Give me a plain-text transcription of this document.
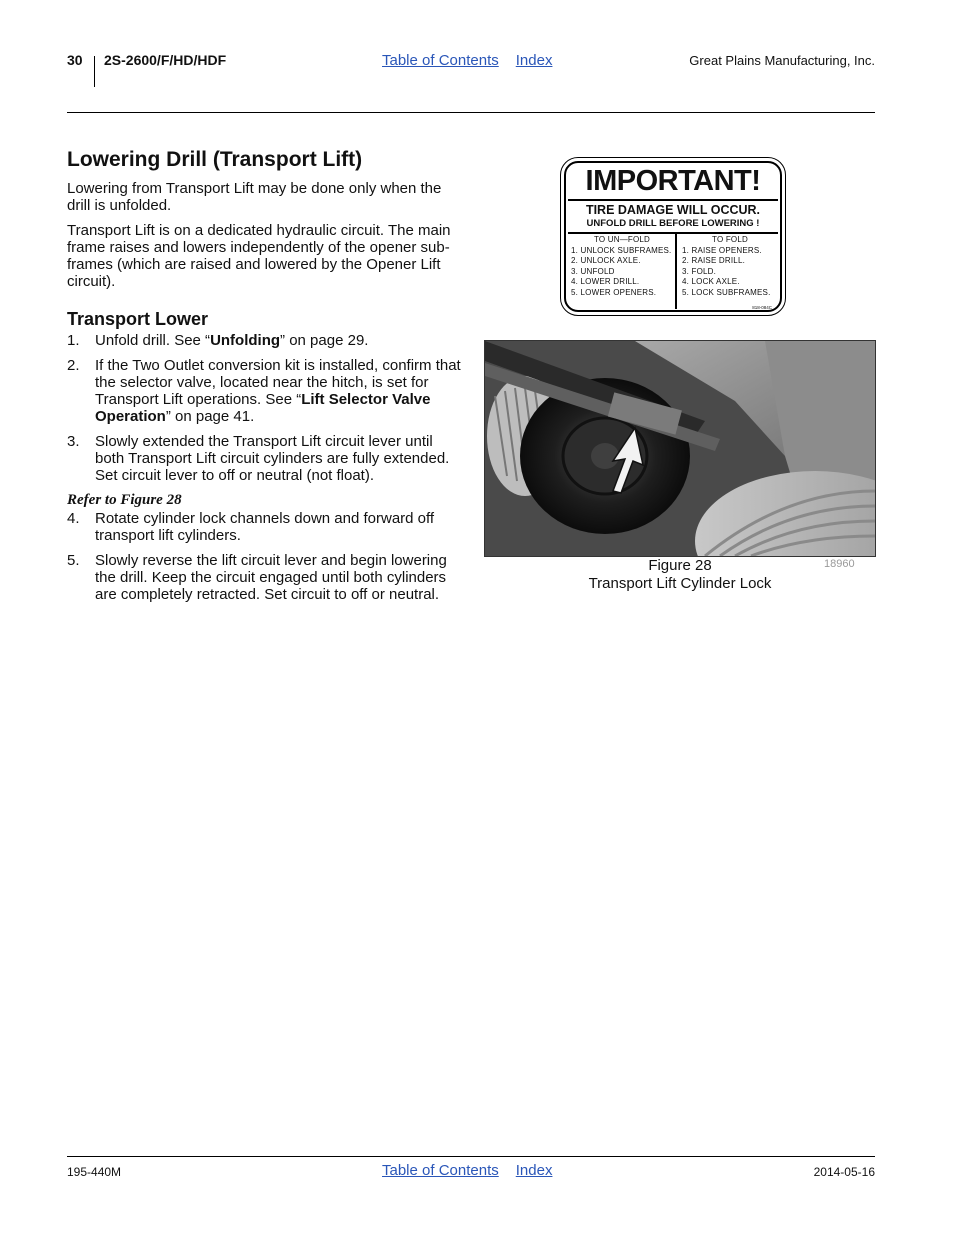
30 2S-2600/F/HD/HDF	Table of Contents Index	Great Plains Manufacturing, Inc.
Lowering Drill (Transport Lift)

Lowering from Transport Lift may be done only when the drill is unfolded.

Transport Lift is on a dedicated hydraulic circuit. The main frame raises and lowers independently of the opener sub-frames (which are raised and lowered by the Opener Lift circuit).

Transport Lower
1. Unfold drill. See “Unfolding” on page 29.
2. If the Two Outlet conversion kit is installed, confirm that the selector valve, located near the hitch, is set for Transport Lift operations. See “Lift Selector Valve Operation” on page 41.
3. Slowly extended the Transport Lift circuit lever until both Transport Lift circuit cylinders are fully extended. Set circuit lever to off or neutral (not float).
Refer to Figure 28
4. Rotate cylinder lock channels down and forward off transport lift cylinders.
5. Slowly reverse the lift circuit lever and begin lowering the drill. Keep the circuit engaged until both cylinders are completely retracted. Set circuit to off or neutral.
IMPORTANT!
TIRE DAMAGE WILL OCCUR.
UNFOLD DRILL BEFORE LOWERING !
TO UN—FOLD
1. UNLOCK SUBFRAMES.
2. UNLOCK AXLE.
3. UNFOLD
4. LOWER DRILL.
5. LOWER OPENERS.
TO FOLD
1. RAISE OPENERS.
2. RAISE DRILL.
3. FOLD.
4. LOCK AXLE.
5. LOCK SUBFRAMES.
818-084C
Figure 28
Transport Lift Cylinder Lock
18960
195-440M	Table of Contents Index	2014-05-16
